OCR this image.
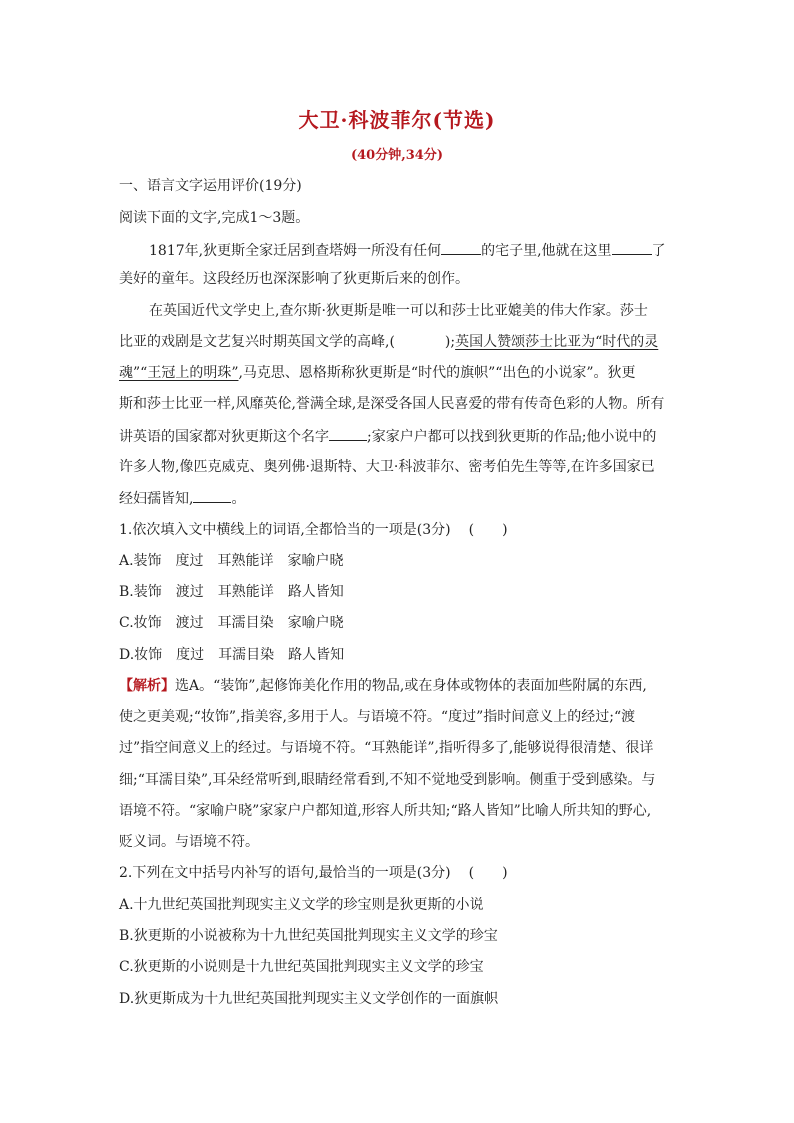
大卫·科波菲尔(节选)
(40分钟,34分)
一、语言文字运用评价(19分)
阅读下面的文字,完成1～3题。
1817年,狄更斯全家迁居到查塔姆一所没有任何	的宅子里,他就在这里	了
美好的童年。这段经历也深深影响了狄更斯后来的创作。
在英国近代文学史上,查尔斯·狄更斯是唯一可以和莎士比亚媲美的伟大作家。莎士
比亚的戏剧是文艺复兴时期英国文学的高峰,(	);英国人赞颂莎士比亚为“时代的灵
魂”“王冠上的明珠”,马克思、恩格斯称狄更斯是“时代的旗帜”“出色的小说家”。狄更
斯和莎士比亚一样,风靡英伦,誉满全球,是深受各国人民喜爱的带有传奇色彩的人物。所有
讲英语的国家都对狄更斯这个名字	;家家户户都可以找到狄更斯的作品;他小说中的
许多人物,像匹克威克、奥列佛·退斯特、大卫·科波菲尔、密考伯先生等等,在许多国家已
经妇孺皆知,	。
1.依次填入文中横线上的词语,全都恰当的一项是(3分) (　　)
A.装饰　度过　耳熟能详　家喻户晓
B.装饰　渡过　耳熟能详　路人皆知
C.妆饰　渡过　耳濡目染　家喻户晓
D.妆饰　度过　耳濡目染　路人皆知
【解析】选A。“装饰”,起修饰美化作用的物品,或在身体或物体的表面加些附属的东西,
使之更美观;“妆饰”,指美容,多用于人。与语境不符。“度过”指时间意义上的经过;“渡
过”指空间意义上的经过。与语境不符。“耳熟能详”,指听得多了,能够说得很清楚、很详
细;“耳濡目染”,耳朵经常听到,眼睛经常看到,不知不觉地受到影响。侧重于受到感染。与
语境不符。“家喻户晓”家家户户都知道,形容人所共知;“路人皆知”比喻人所共知的野心,
贬义词。与语境不符。
2.下列在文中括号内补写的语句,最恰当的一项是(3分) (　　)
A.十九世纪英国批判现实主义文学的珍宝则是狄更斯的小说
B.狄更斯的小说被称为十九世纪英国批判现实主义文学的珍宝
C.狄更斯的小说则是十九世纪英国批判现实主义文学的珍宝
D.狄更斯成为十九世纪英国批判现实主义文学创作的一面旗帜
